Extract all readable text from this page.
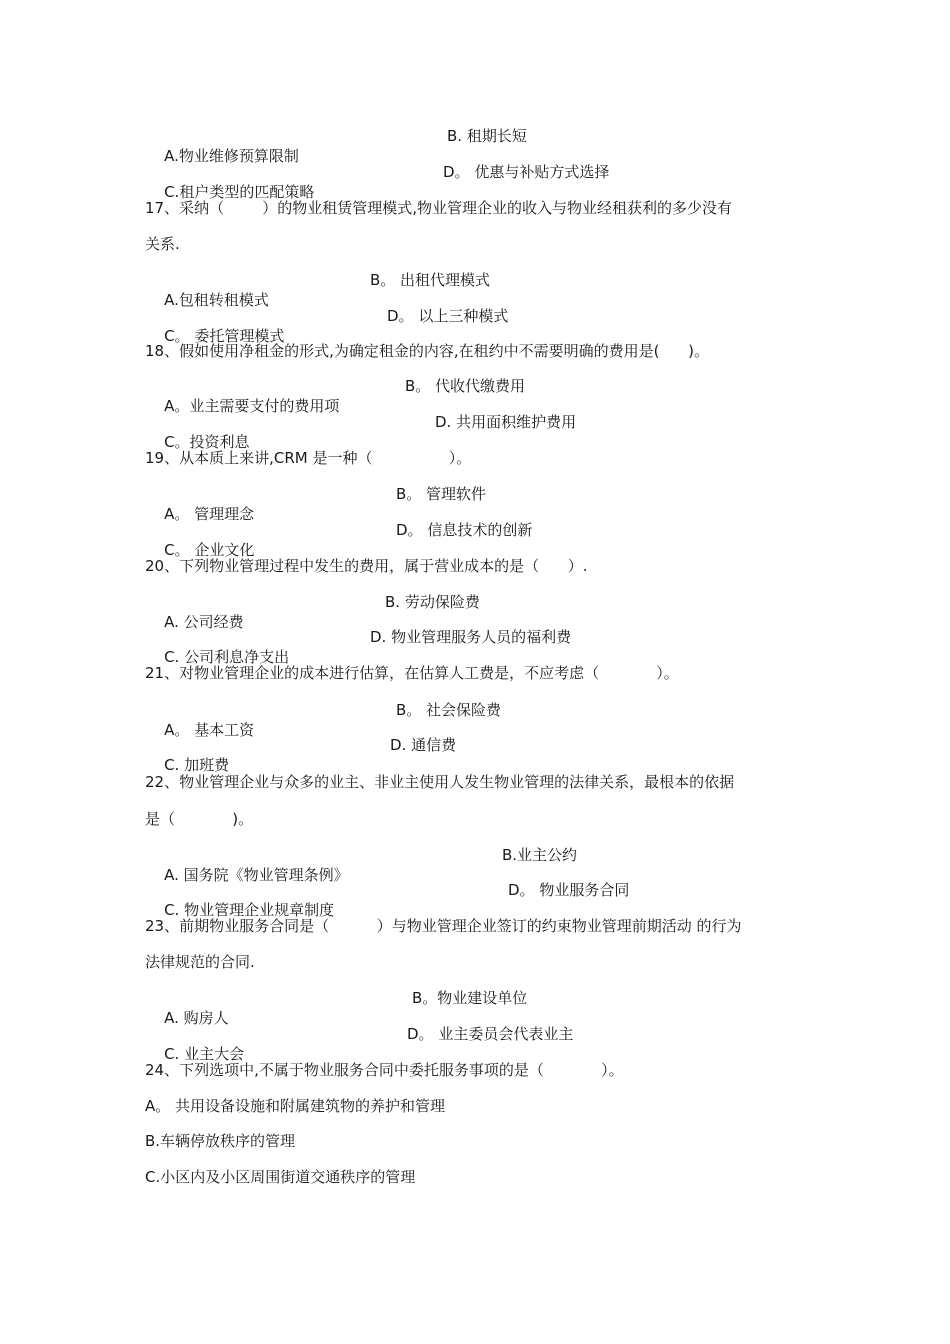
A.物业维修预算限制

B. 租期长短

C.租户类型的匹配策略

D。 优惠与补贴方式选择

17、采纳（        ）的物业租赁管理模式,物业管理企业的收入与物业经租获利的多少没有
关系.

A.包租转租模式

B。 出租代理模式

C。 委托管理模式

D。 以上三种模式

18、假如使用净租金的形式,为确定租金的内容,在租约中不需要明确的费用是(      )。

A。业主需要支付的费用项

B。 代收代缴费用

C。投资利息

D. 共用面积维护费用

19、从本质上来讲,CRM 是一种（                ）。

A。 管理理念

B。 管理软件

C。 企业文化

D。 信息技术的创新

20、下列物业管理过程中发生的费用，属于营业成本的是（      ）.

A. 公司经费

B. 劳动保险费

C. 公司利息净支出

D. 物业管理服务人员的福利费

21、对物业管理企业的成本进行估算，在估算人工费是，不应考虑（            ）。

A。 基本工资

B。 社会保险费

C. 加班费

D. 通信费

22、物业管理企业与众多的业主、非业主使用人发生物业管理的法律关系，最根本的依据
是（            )。

A. 国务院《物业管理条例》

B.业主公约

C. 物业管理企业规章制度

D。 物业服务合同

23、前期物业服务合同是（          ）与物业管理企业签订的约束物业管理前期活动 的行为
法律规范的合同.

A. 购房人

B。物业建设单位

C. 业主大会

D。 业主委员会代表业主

24、下列选项中,不属于物业服务合同中委托服务事项的是（            ）。
A。 共用设备设施和附属建筑物的养护和管理
B.车辆停放秩序的管理
C.小区内及小区周围街道交通秩序的管理
